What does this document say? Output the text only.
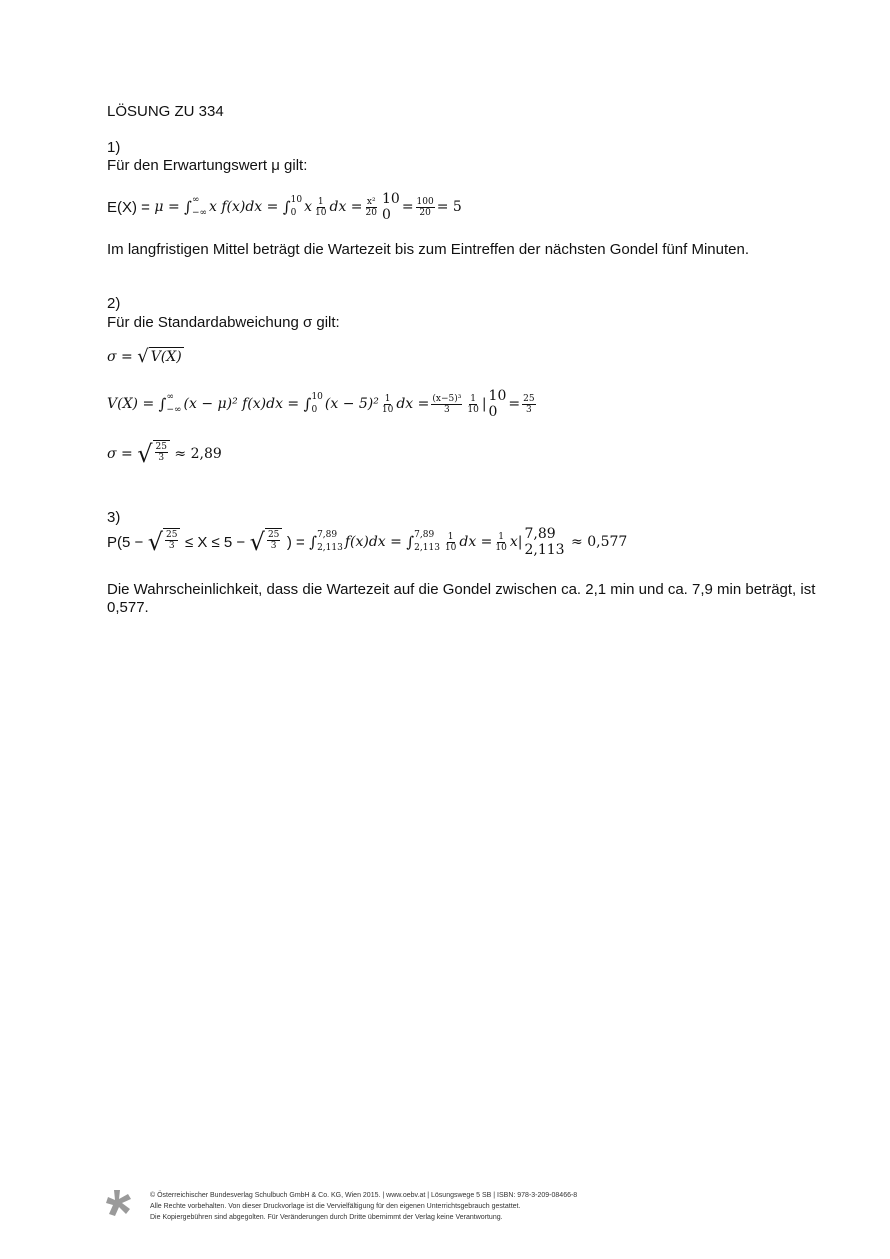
LÖSUNG ZU 334
1)
Für den Erwartungswert μ gilt:
E(X) =
μ =
∫ ∞
−∞ x f(x)dx =
∫ 10
0 x $\frac{1}{10}$ dx = $\frac{\text{x²}}{20} 10$
$0 = \frac{100}{20} = 5$
Im langfristigen Mittel beträgt die Wartezeit bis zum Eintreffen der nächsten Gondel fünf Minuten.
2)
Für die Standardabweichung σ gilt:
σ =
√ V(X)
V(X) =
∫ ∞
−∞ (x − μ)² f(x)dx =
∫ 10
0 $(x - 5)^2 \frac{1}{10}$ dx = $\frac{\text{(x−5)³}}{3} \frac{1}{10}$ | 10
$0 = \frac{25}{3}$
σ =
√ $\frac{25}{3}$
≈ 2,89
3)
P(5 −
√ $\frac{25}{3}$
≤ X ≤ 5 −
√ $\frac{25}{3}$
) =
∫ 7,89
2,113 f(x)dx =
∫ 7,89
$2,113 \frac{1}{10}$ dx = $\frac{1}{10} x|$ 7,89
2,113
≈ 0,577
Die Wahrscheinlichkeit, dass die Wartezeit auf die Gondel zwischen ca. 2,1 min und ca. 7,9 min beträgt, ist
0,577.
© Österreichischer Bundesverlag Schulbuch GmbH & Co. KG, Wien 2015. | www.oebv.at | Lösungswege 5 SB | ISBN: 978-3-209-08466-8
Alle Rechte vorbehalten. Von dieser Druckvorlage ist die Vervielfältigung für den eigenen Unterrichtsgebrauch gestattet.
Die Kopiergebühren sind abgegolten. Für Veränderungen durch Dritte übernimmt der Verlag keine Verantwortung.
